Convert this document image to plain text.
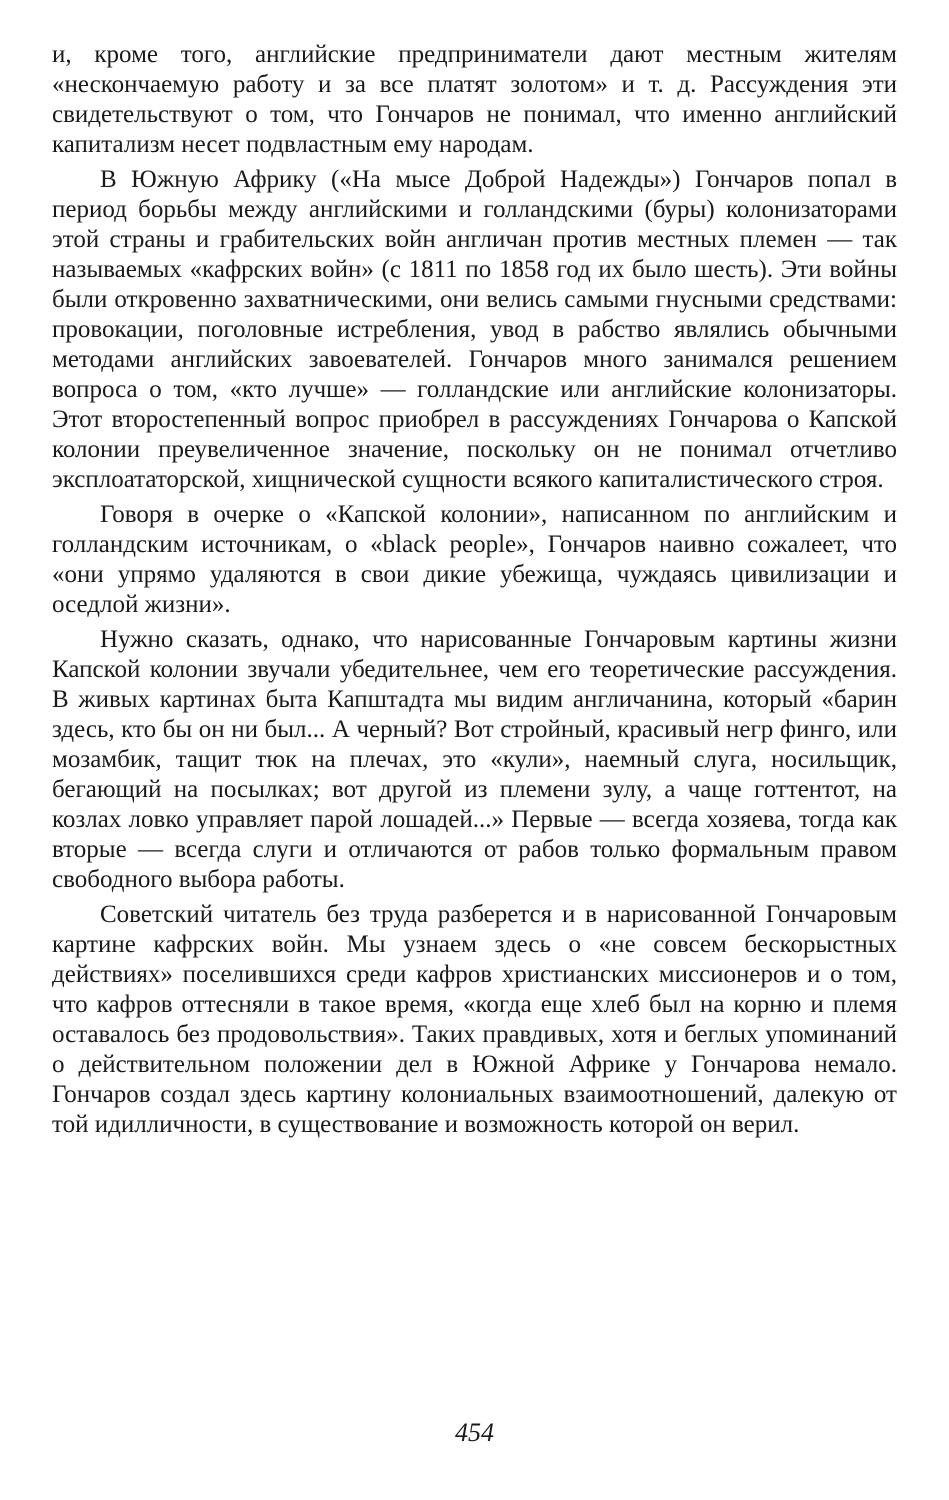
и, кроме того, английские предприниматели дают местным жителям «нескончаемую работу и за все платят золотом» и т. д. Рассуждения эти свидетельствуют о том, что Гончаров не понимал, что именно английский капитализм несет подвластным ему народам.

В Южную Африку («На мысе Доброй Надежды») Гончаров попал в период борьбы между английскими и голландскими (буры) колонизаторами этой страны и грабительских войн англичан против местных племен — так называемых «кафрских войн» (с 1811 по 1858 год их было шесть). Эти войны были откровенно захватническими, они велись самыми гнусными средствами: провокации, поголовные истребления, увод в рабство являлись обычными методами английских завоевателей. Гончаров много занимался решением вопроса о том, «кто лучше» — голландские или английские колонизаторы. Этот второстепенный вопрос приобрел в рассуждениях Гончарова о Капской колонии преувеличенное значение, поскольку он не понимал отчетливо эксплоататорской, хищнической сущности всякого капиталистического строя.

Говоря в очерке о «Капской колонии», написанном по английским и голландским источникам, о «black people», Гончаров наивно сожалеет, что «они упрямо удаляются в свои дикие убежища, чуждаясь цивилизации и оседлой жизни».

Нужно сказать, однако, что нарисованные Гончаровым картины жизни Капской колонии звучали убедительнее, чем его теоретические рассуждения. В живых картинах быта Капштадта мы видим англичанина, который «барин здесь, кто бы он ни был... А черный? Вот стройный, красивый негр финго, или мозамбик, тащит тюк на плечах, это «кули», наемный слуга, носильщик, бегающий на посылках; вот другой из племени зулу, а чаще готтентот, на козлах ловко управляет парой лошадей...» Первые — всегда хозяева, тогда как вторые — всегда слуги и отличаются от рабов только формальным правом свободного выбора работы.

Советский читатель без труда разберется и в нарисованной Гончаровым картине кафрских войн. Мы узнаем здесь о «не совсем бескорыстных действиях» поселившихся среди кафров христианских миссионеров и о том, что кафров оттесняли в такое время, «когда еще хлеб был на корню и племя оставалось без продовольствия». Таких правдивых, хотя и беглых упоминаний о действительном положении дел в Южной Африке у Гончарова немало. Гончаров создал здесь картину колониальных взаимоотношений, далекую от той идилличности, в существование и возможность которой он верил.

454
